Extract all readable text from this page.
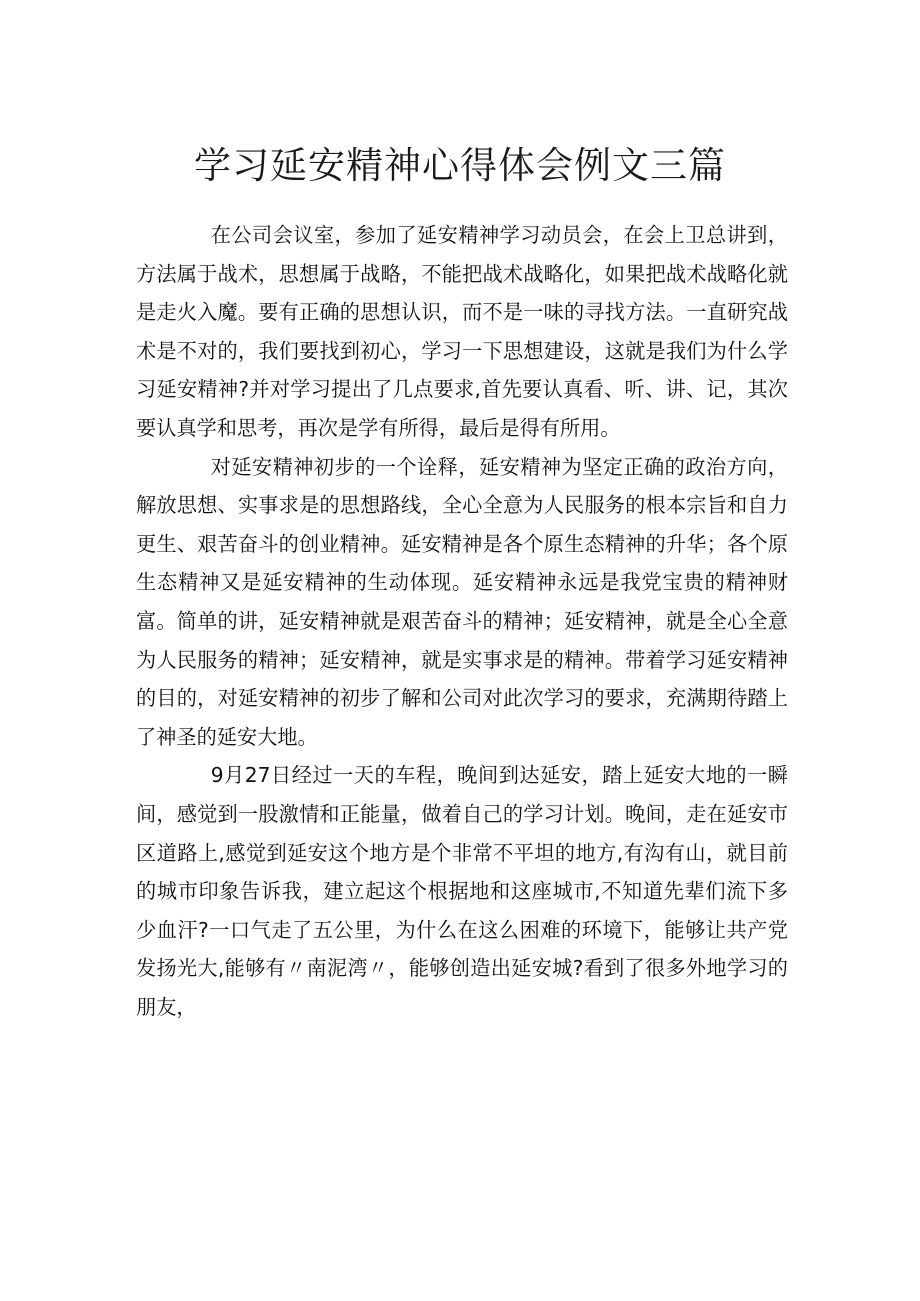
学习延安精神心得体会例文三篇

在公司会议室，参加了延安精神学习动员会，在会上卫总讲到，方法属于战术，思想属于战略，不能把战术战略化，如果把战术战略化就是走火入魔。要有正确的思想认识，而不是一味的寻找方法。一直研究战术是不对的，我们要找到初心，学习一下思想建设，这就是我们为什么学习延安精神?并对学习提出了几点要求,首先要认真看、听、讲、记，其次要认真学和思考，再次是学有所得，最后是得有所用。

对延安精神初步的一个诠释，延安精神为坚定正确的政治方向，解放思想、实事求是的思想路线，全心全意为人民服务的根本宗旨和自力更生、艰苦奋斗的创业精神。延安精神是各个原生态精神的升华；各个原生态精神又是延安精神的生动体现。延安精神永远是我党宝贵的精神财富。简单的讲，延安精神就是艰苦奋斗的精神；延安精神，就是全心全意为人民服务的精神；延安精神，就是实事求是的精神。带着学习延安精神的目的，对延安精神的初步了解和公司对此次学习的要求，充满期待踏上了神圣的延安大地。

9月27日经过一天的车程，晚间到达延安，踏上延安大地的一瞬间，感觉到一股激情和正能量，做着自己的学习计划。晚间，走在延安市区道路上,感觉到延安这个地方是个非常不平坦的地方,有沟有山，就目前的城市印象告诉我，建立起这个根据地和这座城市,不知道先辈们流下多少血汗?一口气走了五公里，为什么在这么困难的环境下，能够让共产党发扬光大,能够有〃南泥湾〃，能够创造出延安城?看到了很多外地学习的朋友，
